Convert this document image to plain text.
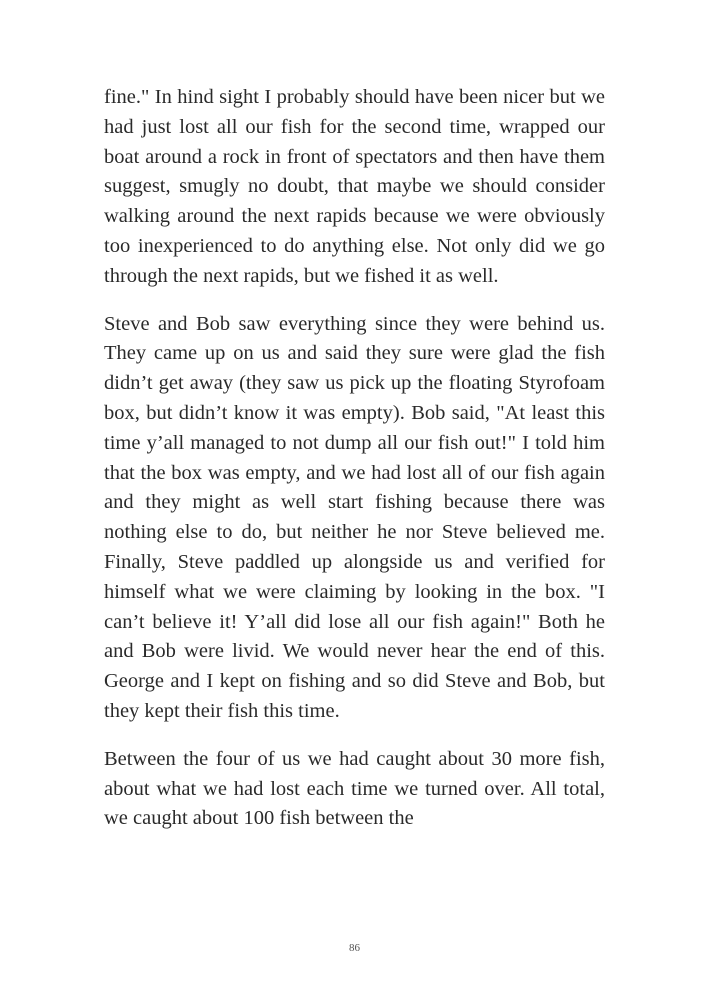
fine." In hind sight I probably should have been nicer but we had just lost all our fish for the second time, wrapped our boat around a rock in front of spectators and then have them suggest, smugly no doubt, that maybe we should consider walking around the next rapids because we were obviously too inexperienced to do anything else. Not only did we go through the next rapids, but we fished it as well.

Steve and Bob saw everything since they were behind us. They came up on us and said they sure were glad the fish didn’t get away (they saw us pick up the floating Styrofoam box, but didn’t know it was empty). Bob said, "At least this time y’all managed to not dump all our fish out!" I told him that the box was empty, and we had lost all of our fish again and they might as well start fishing because there was nothing else to do, but neither he nor Steve believed me. Finally, Steve paddled up alongside us and verified for himself what we were claiming by looking in the box. "I can’t believe it! Y’all did lose all our fish again!" Both he and Bob were livid. We would never hear the end of this. George and I kept on fishing and so did Steve and Bob, but they kept their fish this time.

Between the four of us we had caught about 30 more fish, about what we had lost each time we turned over. All total, we caught about 100 fish between the

86
